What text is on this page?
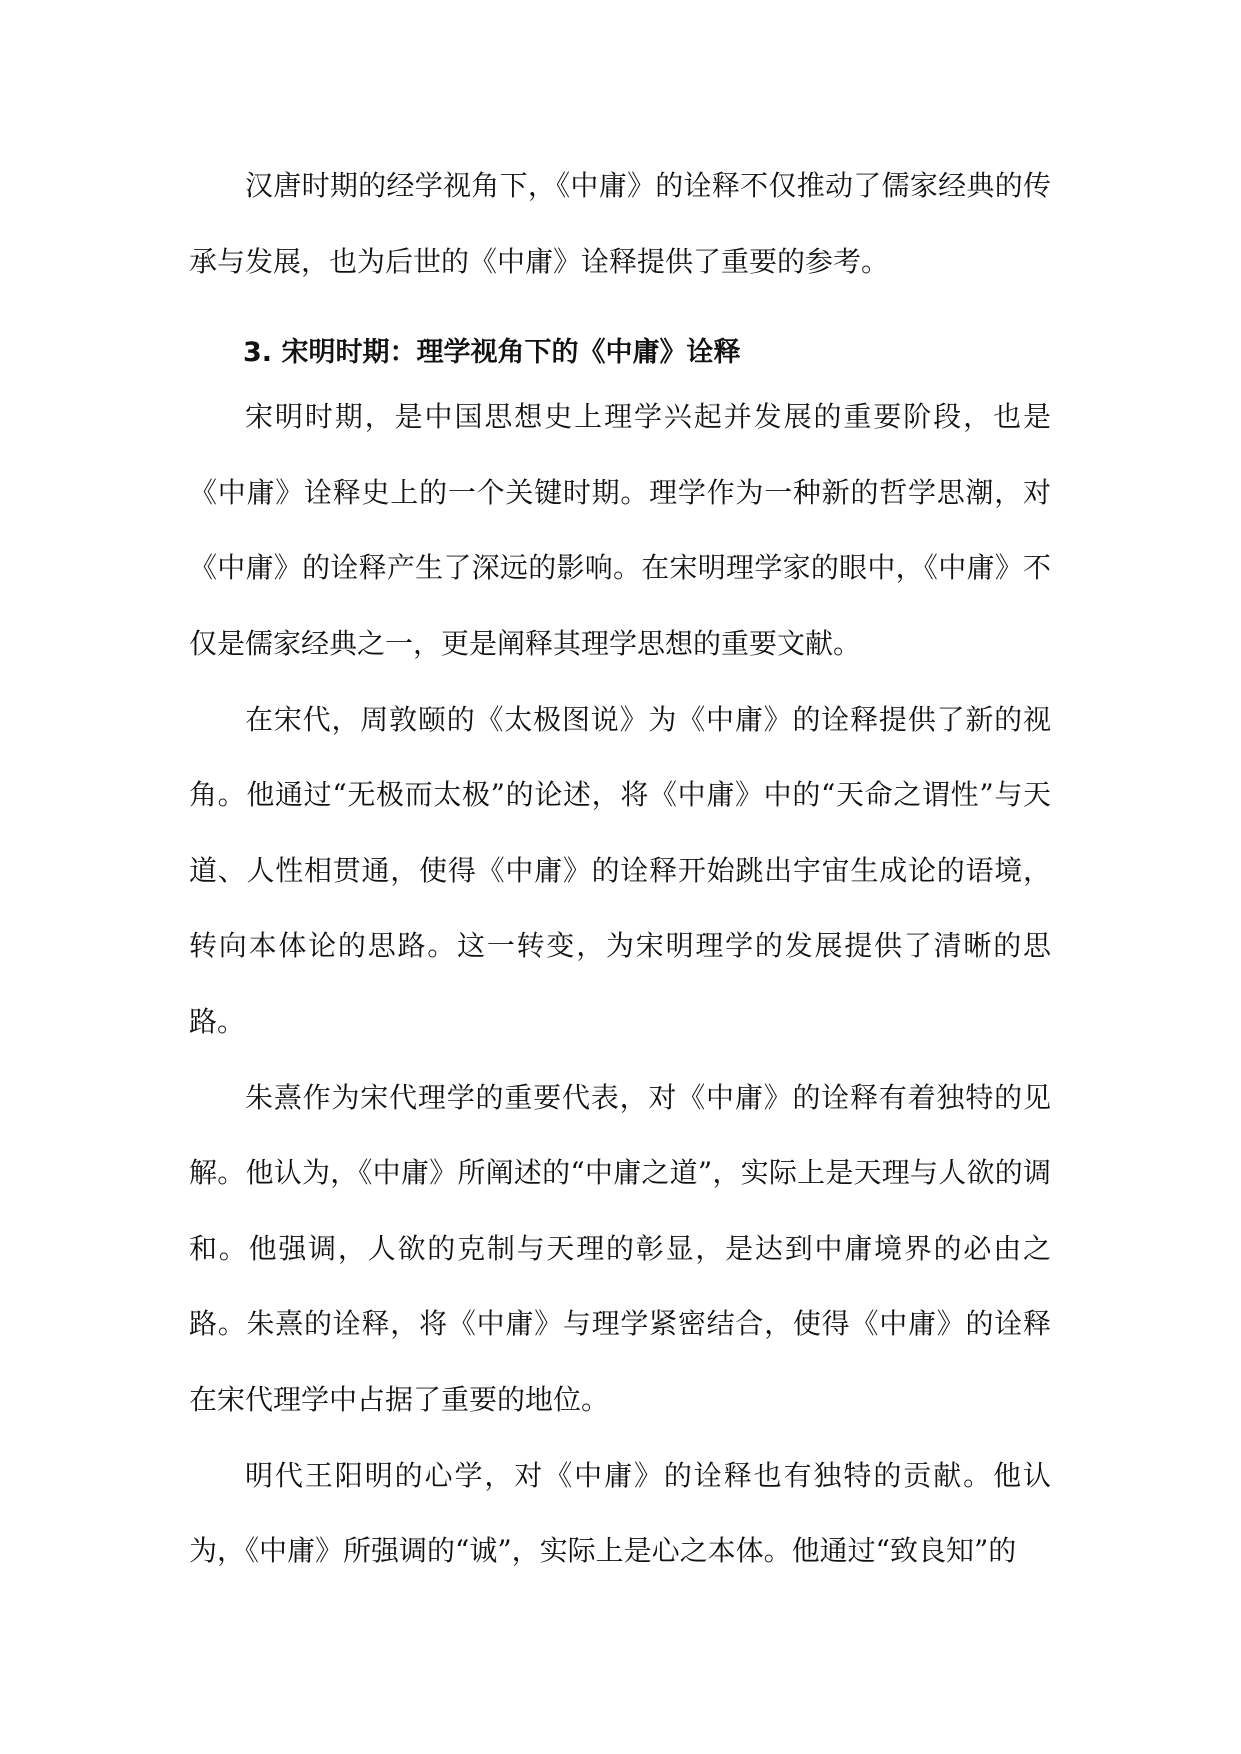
汉唐时期的经学视角下，《中庸》的诠释不仅推动了儒家经典的传承与发展，也为后世的《中庸》诠释提供了重要的参考。

3. 宋明时期：理学视角下的《中庸》诠释

宋明时期，是中国思想史上理学兴起并发展的重要阶段，也是《中庸》诠释史上的一个关键时期。理学作为一种新的哲学思潮，对《中庸》的诠释产生了深远的影响。在宋明理学家的眼中，《中庸》不仅是儒家经典之一，更是阐释其理学思想的重要文献。

在宋代，周敦颐的《太极图说》为《中庸》的诠释提供了新的视角。他通过“无极而太极”的论述，将《中庸》中的“天命之谓性”与天道、人性相贯通，使得《中庸》的诠释开始跳出宇宙生成论的语境，转向本体论的思路。这一转变，为宋明理学的发展提供了清晰的思路。

朱熹作为宋代理学的重要代表，对《中庸》的诠释有着独特的见解。他认为，《中庸》所阐述的“中庸之道”，实际上是天理与人欲的调和。他强调，人欲的克制与天理的彰显，是达到中庸境界的必由之路。朱熹的诠释，将《中庸》与理学紧密结合，使得《中庸》的诠释在宋代理学中占据了重要的地位。

明代王阳明的心学，对《中庸》的诠释也有独特的贡献。他认为，《中庸》所强调的“诚”，实际上是心之本体。他通过“致良知”的
